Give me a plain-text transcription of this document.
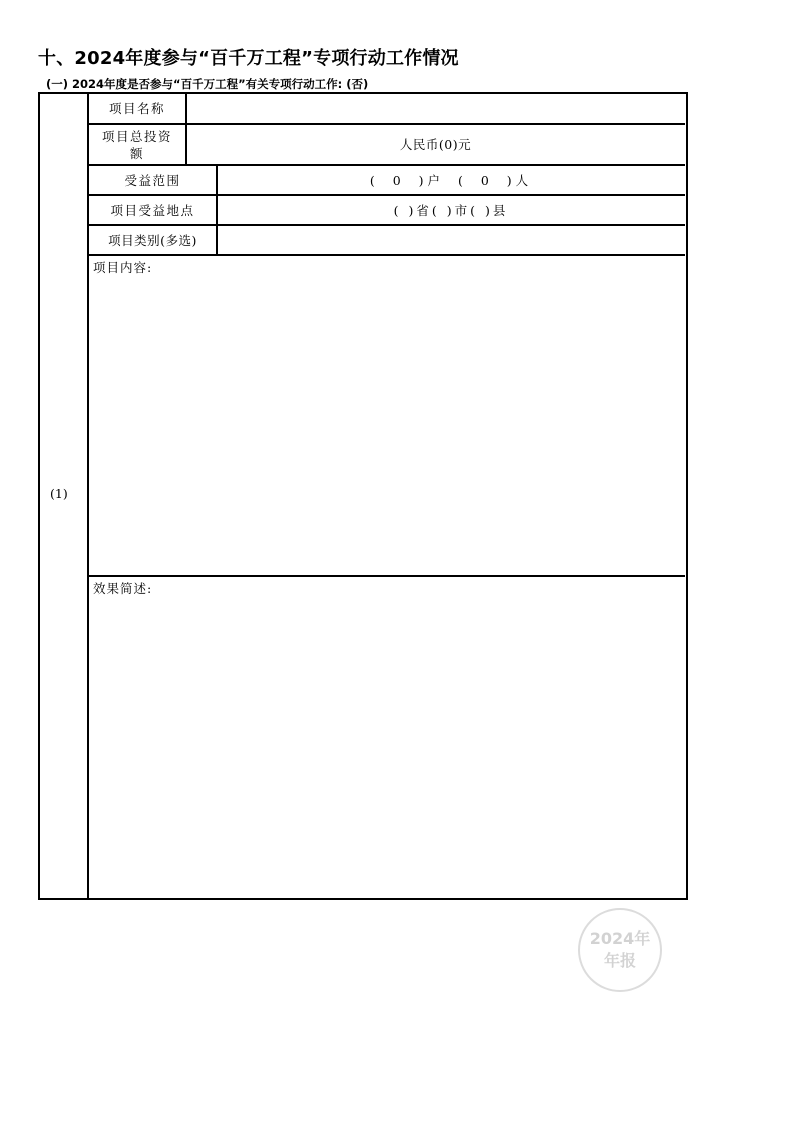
十、2024年度参与“百千万工程”专项行动工作情况
(一) 2024年度是否参与“百千万工程”有关专项行动工作: (否)
(1)
项目名称
项目总投资
额
人民币(0)元
受益范围	( 0 )户 ( 0 )人
项目受益地点	( )省( )市( )县
项目类别(多选)
项目内容:
效果简述:
2024年
年报
